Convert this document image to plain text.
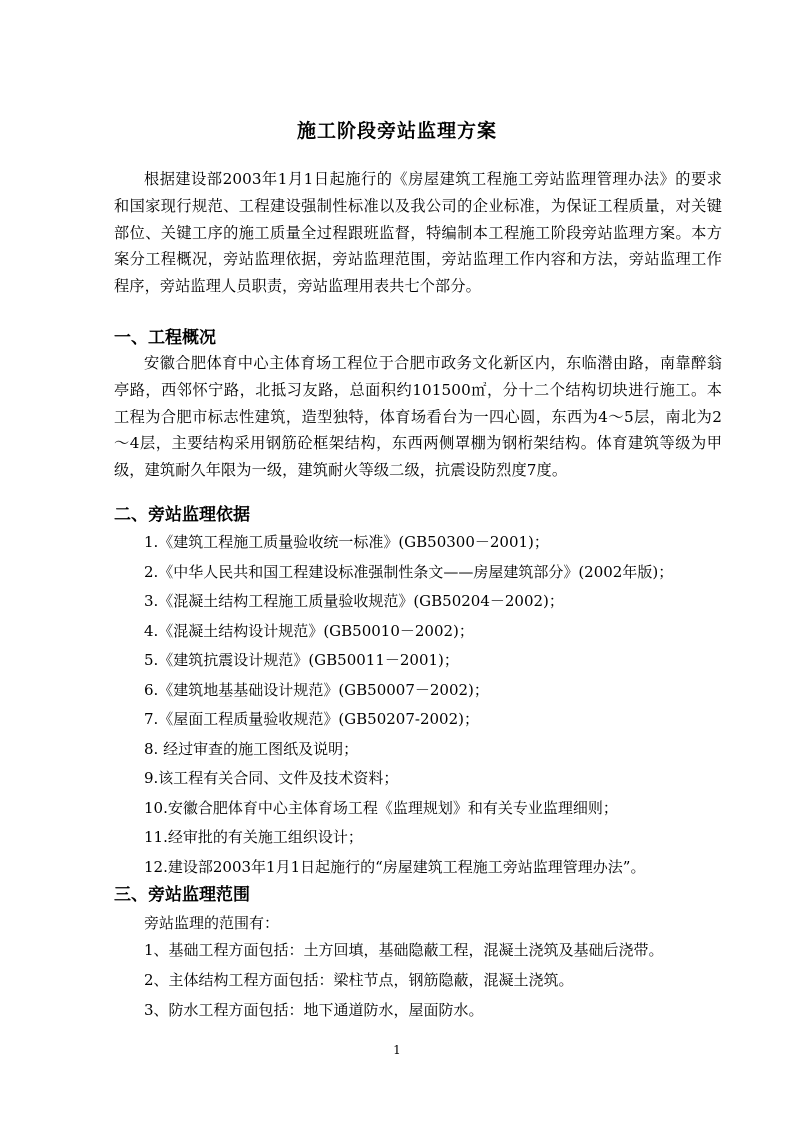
施工阶段旁站监理方案

根据建设部2003年1月1日起施行的《房屋建筑工程施工旁站监理管理办法》的要求和国家现行规范、工程建设强制性标准以及我公司的企业标准，为保证工程质量，对关键部位、关键工序的施工质量全过程跟班监督，特编制本工程施工阶段旁站监理方案。本方案分工程概况，旁站监理依据，旁站监理范围，旁站监理工作内容和方法，旁站监理工作程序，旁站监理人员职责，旁站监理用表共七个部分。

一、工程概况

安徽合肥体育中心主体育场工程位于合肥市政务文化新区内，东临潜由路，南靠醉翁亭路，西邻怀宁路，北抵习友路，总面积约101500㎡，分十二个结构切块进行施工。本工程为合肥市标志性建筑，造型独特，体育场看台为一四心圆，东西为4～5层，南北为2～4层，主要结构采用钢筋砼框架结构，东西两侧罩棚为钢桁架结构。体育建筑等级为甲级，建筑耐久年限为一级，建筑耐火等级二级，抗震设防烈度7度。

二、旁站监理依据
1.《建筑工程施工质量验收统一标准》(GB50300－2001)；
2.《中华人民共和国工程建设标准强制性条文——房屋建筑部分》(2002年版)；
3.《混凝土结构工程施工质量验收规范》(GB50204－2002)；
4.《混凝土结构设计规范》(GB50010－2002)；
5.《建筑抗震设计规范》(GB50011－2001)；
6.《建筑地基基础设计规范》(GB50007－2002)；
7.《屋面工程质量验收规范》(GB50207-2002)；
8. 经过审查的施工图纸及说明；
9.该工程有关合同、文件及技术资料；
10.安徽合肥体育中心主体育场工程《监理规划》和有关专业监理细则；
11.经审批的有关施工组织设计；
12.建设部2003年1月1日起施行的“房屋建筑工程施工旁站监理管理办法”。
三、旁站监理范围
旁站监理的范围有：
1、基础工程方面包括：土方回填，基础隐蔽工程，混凝土浇筑及基础后浇带。
2、主体结构工程方面包括：梁柱节点，钢筋隐蔽，混凝土浇筑。
3、防水工程方面包括：地下通道防水，屋面防水。
1
